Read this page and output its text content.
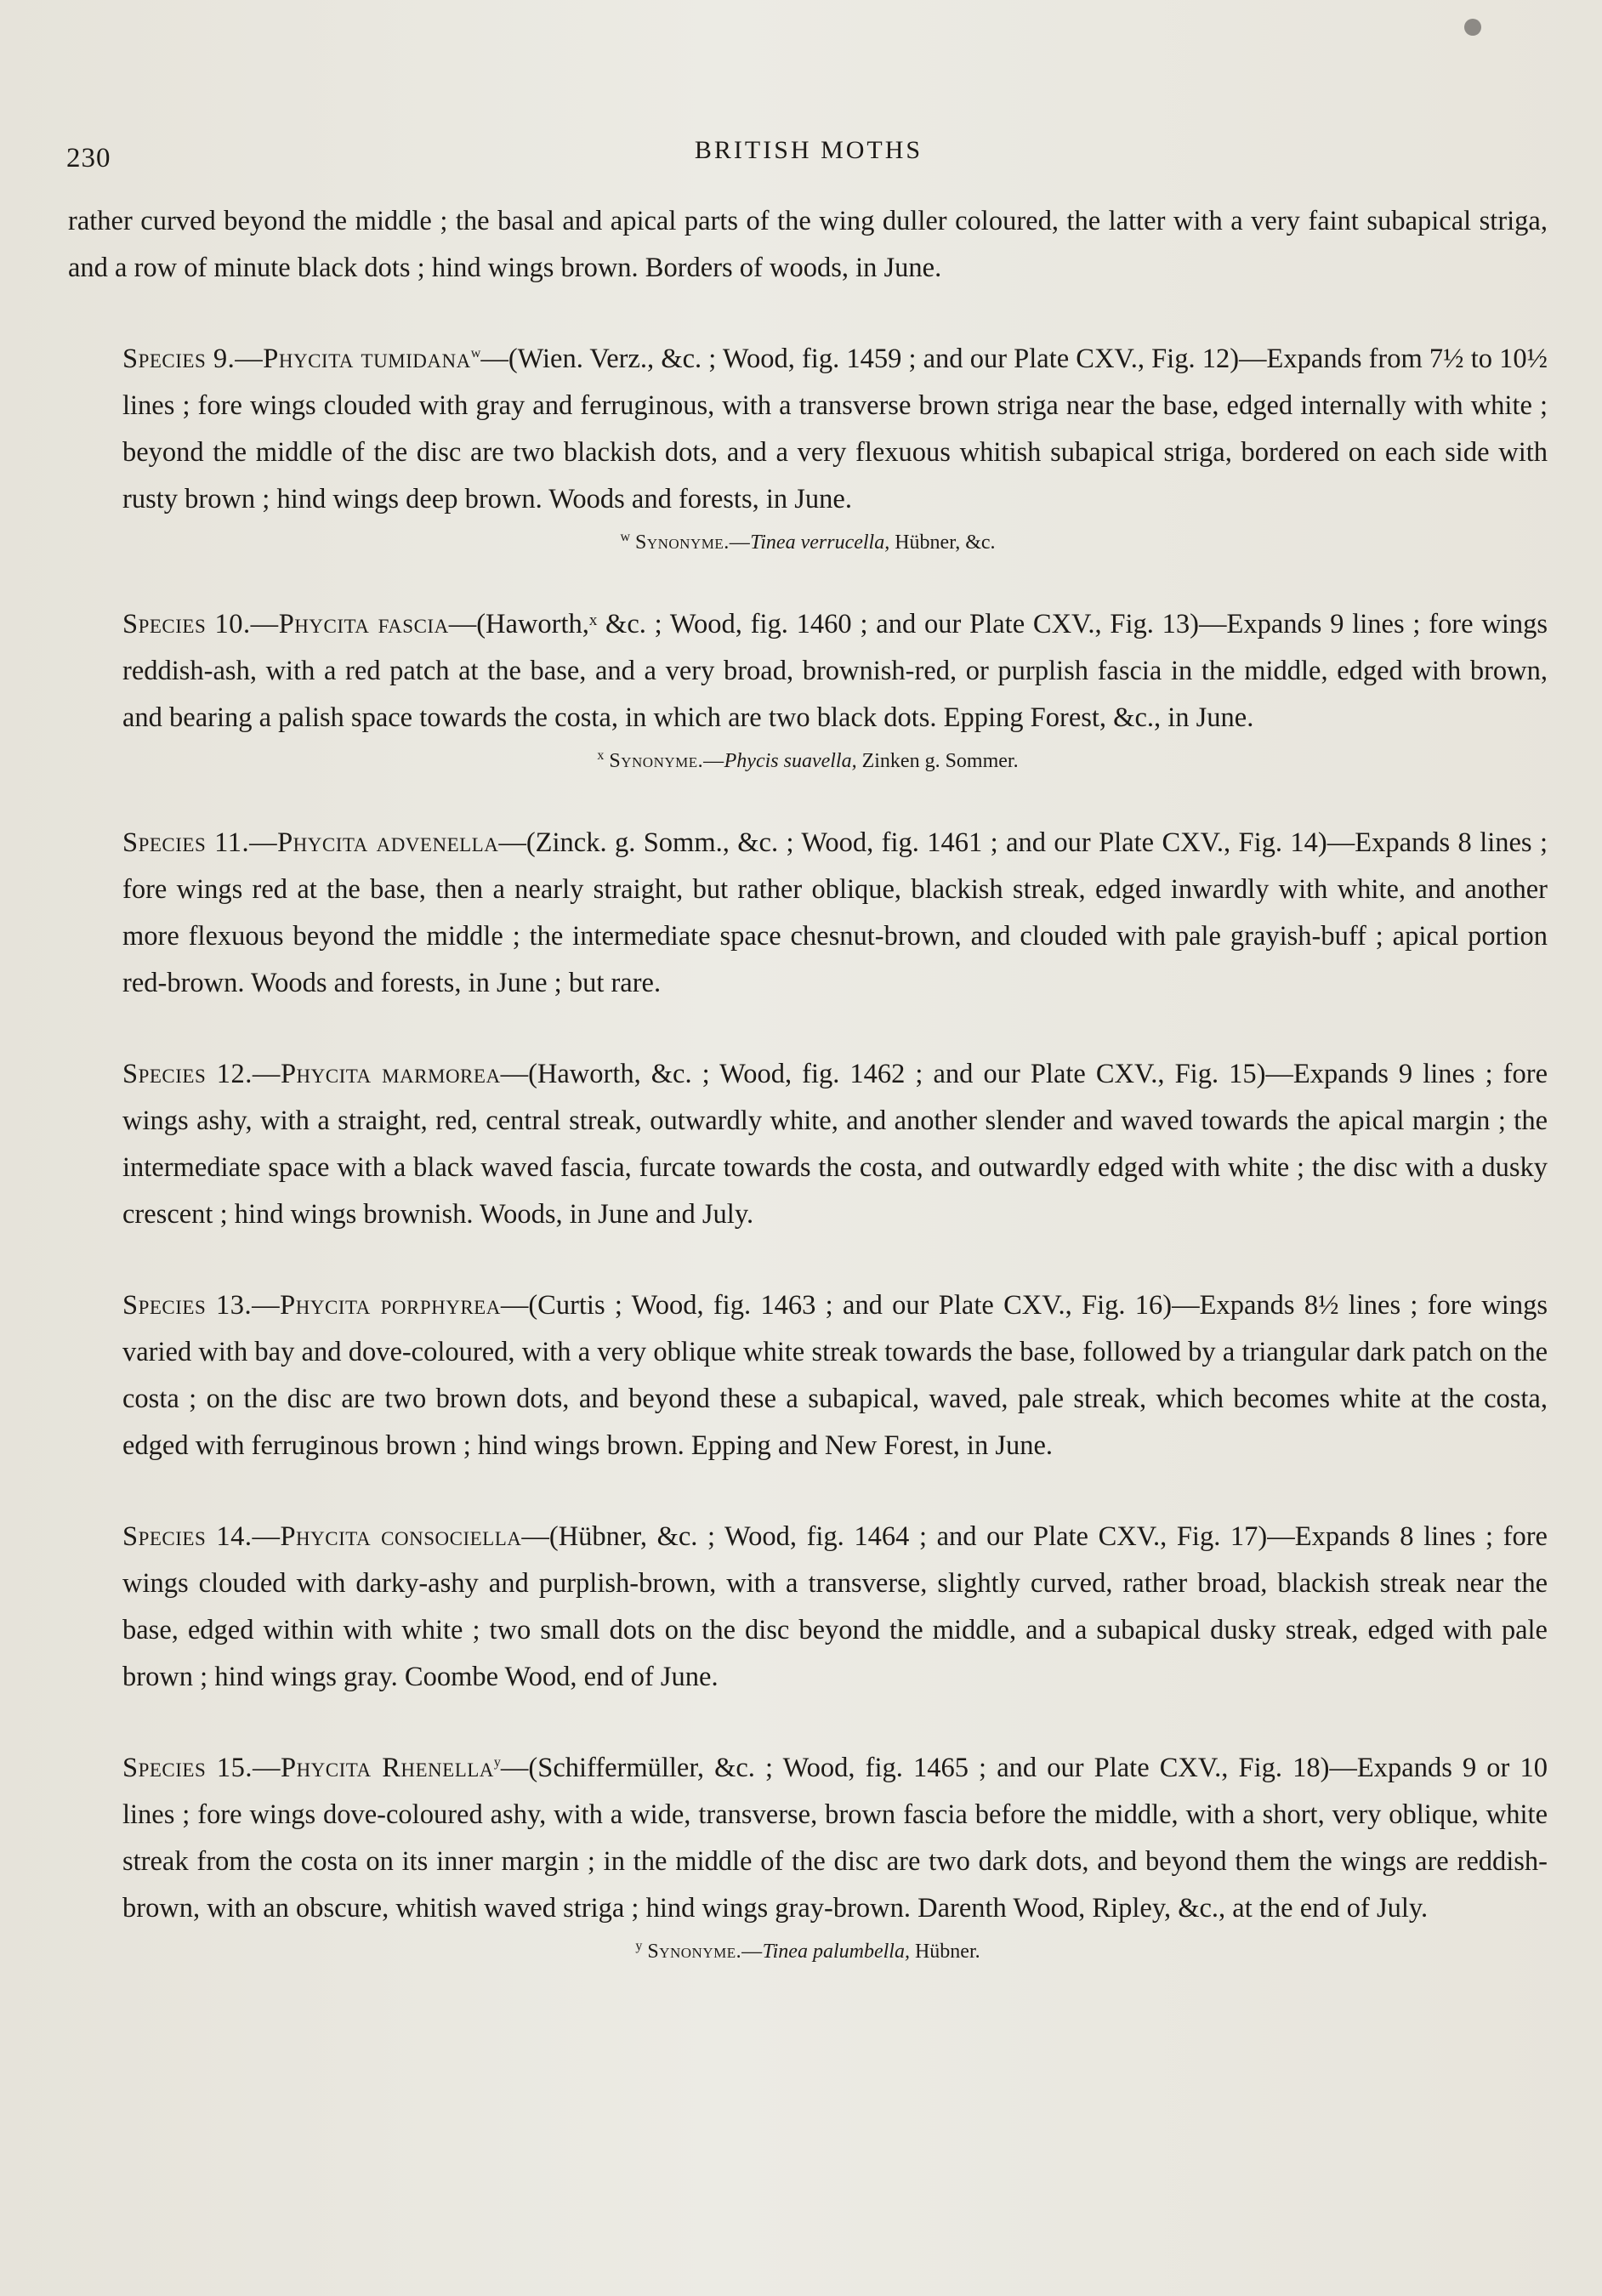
230	BRITISH MOTHS

rather curved beyond the middle ; the basal and apical parts of the wing duller coloured, the latter with a very faint subapical striga, and a row of minute black dots ; hind wings brown. Borders of woods, in June.

Species 9.—Phycita tumidana$^w$—(Wien. Verz., &c. ; Wood, fig. 1459 ; and our Plate CXV., Fig. 12)—Expands from 7½ to 10½ lines ; fore wings clouded with gray and ferruginous, with a transverse brown striga near the base, edged internally with white ; beyond the middle of the disc are two blackish dots, and a very flexuous whitish subapical striga, bordered on each side with rusty brown ; hind wings deep brown. Woods and forests, in June.

$^w$ Synonyme.—Tinea verrucella, Hübner, &c.

Species 10.—Phycita fascia—(Haworth,ˣ &c. ; Wood, fig. 1460 ; and our Plate CXV., Fig. 13)—Expands 9 lines ; fore wings reddish-ash, with a red patch at the base, and a very broad, brownish-red, or purplish fascia in the middle, edged with brown, and bearing a palish space towards the costa, in which are two black dots. Epping Forest, &c., in June.

$^x$ Synonyme.—Phycis suavella, Zinken g. Sommer.

Species 11.—Phycita advenella—(Zinck. g. Somm., &c. ; Wood, fig. 1461 ; and our Plate CXV., Fig. 14)—Expands 8 lines ; fore wings red at the base, then a nearly straight, but rather oblique, blackish streak, edged inwardly with white, and another more flexuous beyond the middle ; the intermediate space chesnut-brown, and clouded with pale grayish-buff ; apical portion red-brown. Woods and forests, in June ; but rare.

Species 12.—Phycita marmorea—(Haworth, &c. ; Wood, fig. 1462 ; and our Plate CXV., Fig. 15)—Expands 9 lines ; fore wings ashy, with a straight, red, central streak, outwardly white, and another slender and waved towards the apical margin ; the intermediate space with a black waved fascia, furcate towards the costa, and outwardly edged with white ; the disc with a dusky crescent ; hind wings brownish. Woods, in June and July.

Species 13.—Phycita porphyrea—(Curtis ; Wood, fig. 1463 ; and our Plate CXV., Fig. 16)—Expands 8½ lines ; fore wings varied with bay and dove-coloured, with a very oblique white streak towards the base, followed by a triangular dark patch on the costa ; on the disc are two brown dots, and beyond these a subapical, waved, pale streak, which becomes white at the costa, edged with ferruginous brown ; hind wings brown. Epping and New Forest, in June.

Species 14.—Phycita consociella—(Hübner, &c. ; Wood, fig. 1464 ; and our Plate CXV., Fig. 17)—Expands 8 lines ; fore wings clouded with darky-ashy and purplish-brown, with a transverse, slightly curved, rather broad, blackish streak near the base, edged within with white ; two small dots on the disc beyond the middle, and a subapical dusky streak, edged with pale brown ; hind wings gray. Coombe Wood, end of June.

Species 15.—Phycita Rhenella$^y$—(Schiffermüller, &c. ; Wood, fig. 1465 ; and our Plate CXV., Fig. 18)—Expands 9 or 10 lines ; fore wings dove-coloured ashy, with a wide, transverse, brown fascia before the middle, with a short, very oblique, white streak from the costa on its inner margin ; in the middle of the disc are two dark dots, and beyond them the wings are reddish-brown, with an obscure, whitish waved striga ; hind wings gray-brown. Darenth Wood, Ripley, &c., at the end of July.

$^y$ Synonyme.—Tinea palumbella, Hübner.
